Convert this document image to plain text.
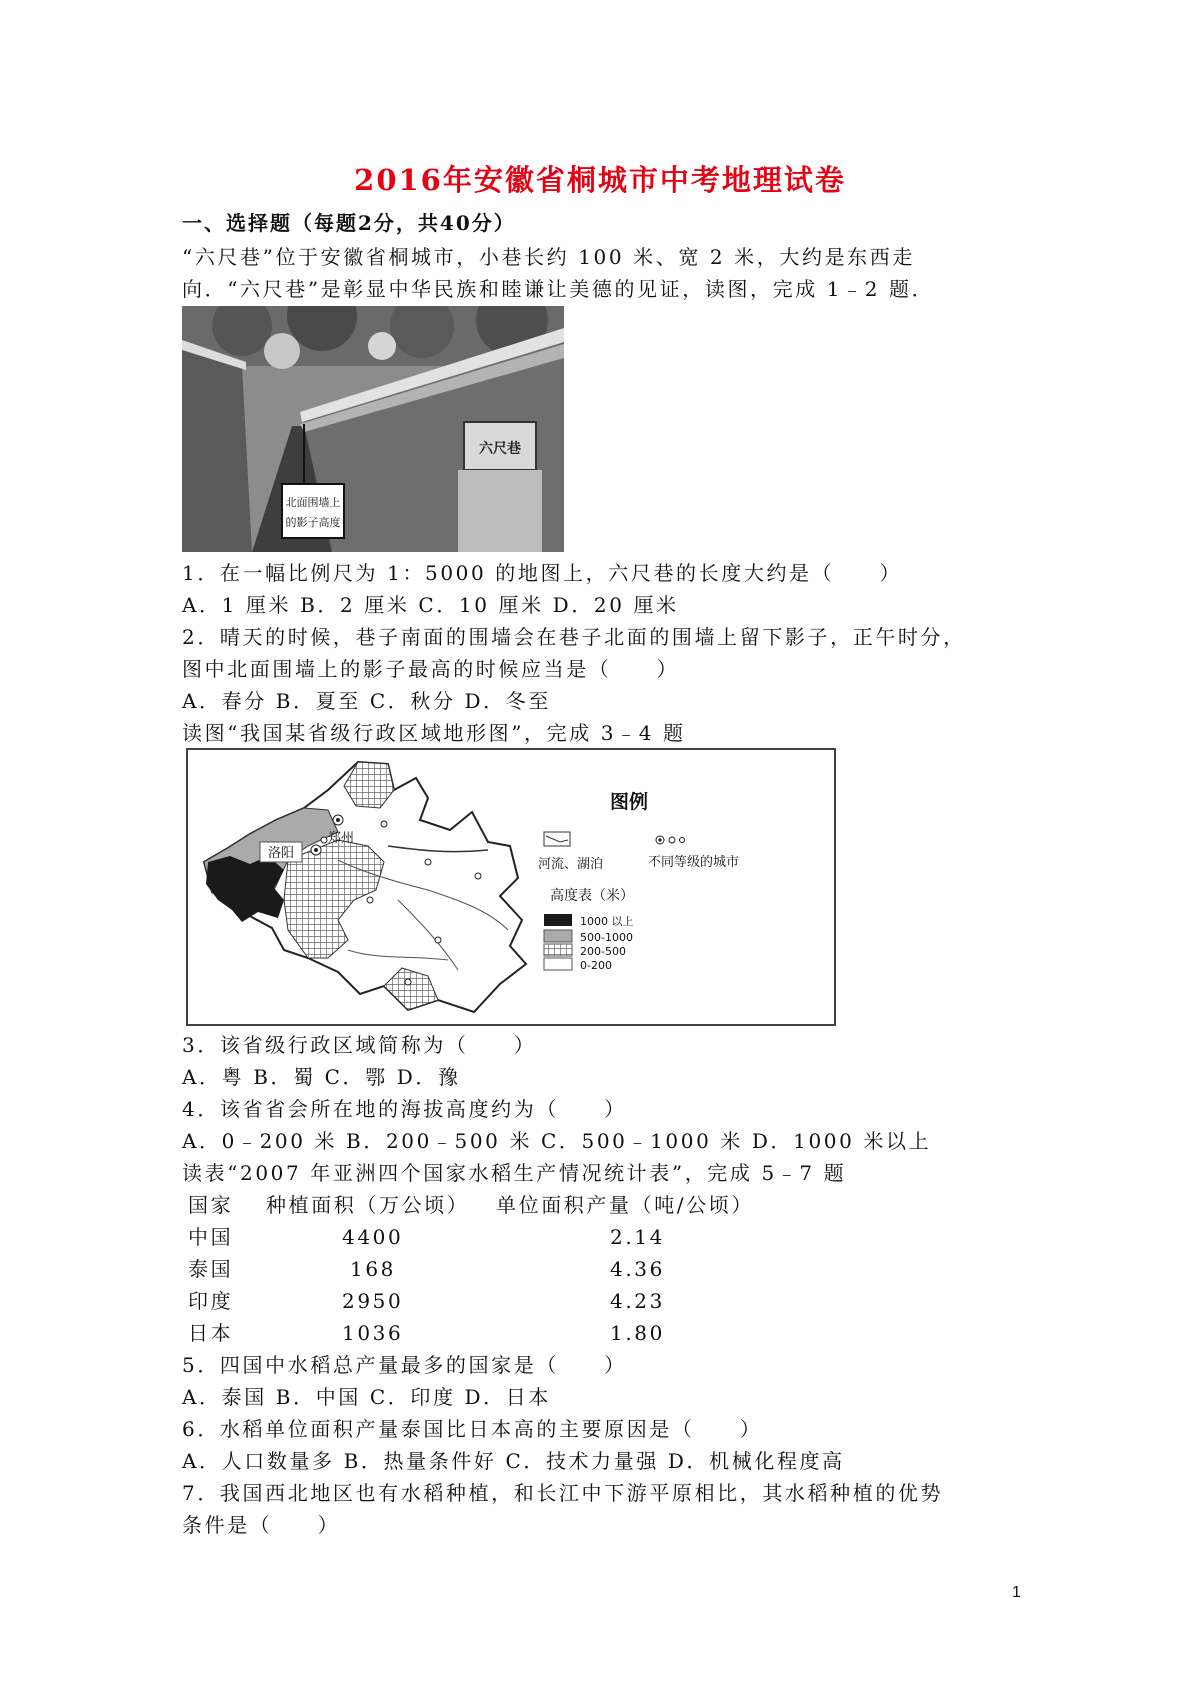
2016年安徽省桐城市中考地理试卷
一、选择题（每题2分，共40分）
“六尺巷”位于安徽省桐城市，小巷长约 100 米、宽 2 米，大约是东西走
向．“六尺巷”是彰显中华民族和睦谦让美德的见证，读图，完成 1﹣2 题．
六尺巷
北面围墙上
的影子高度
1．在一幅比例尺为 1：5000 的地图上，六尺巷的长度大约是（　　）
A．1 厘米 B．2 厘米 C．10 厘米 D．20 厘米
2．晴天的时候，巷子南面的围墙会在巷子北面的围墙上留下影子，正午时分，
图中北面围墙上的影子最高的时候应当是（　　）
A．春分 B．夏至 C．秋分 D．冬至
读图“我国某省级行政区域地形图”，完成 3﹣4 题
洛阳
郑州
图例
河流、湖泊	不同等级的城市
高度表（米）
1000 以上
500-1000
200-500
0-200
3．该省级行政区域简称为（　　）
A．粤 B．蜀 C．鄂 D．豫
4．该省省会所在地的海拔高度约为（　　）
A．0﹣200 米 B．200﹣500 米 C．500﹣1000 米 D．1000 米以上
读表“2007 年亚洲四个国家水稻生产情况统计表”，完成 5﹣7 题
国家 种植面积（万公顷） 单位面积产量（吨/公顷）
中国	4400	2.14
泰国	168	4.36
印度	2950	4.23
日本	1036	1.80
5．四国中水稻总产量最多的国家是（　　）
A．泰国 B．中国 C．印度 D．日本
6．水稻单位面积产量泰国比日本高的主要原因是（　　）
A．人口数量多 B．热量条件好 C．技术力量强 D．机械化程度高
7．我国西北地区也有水稻种植，和长江中下游平原相比，其水稻种植的优势
条件是（　　）
1
